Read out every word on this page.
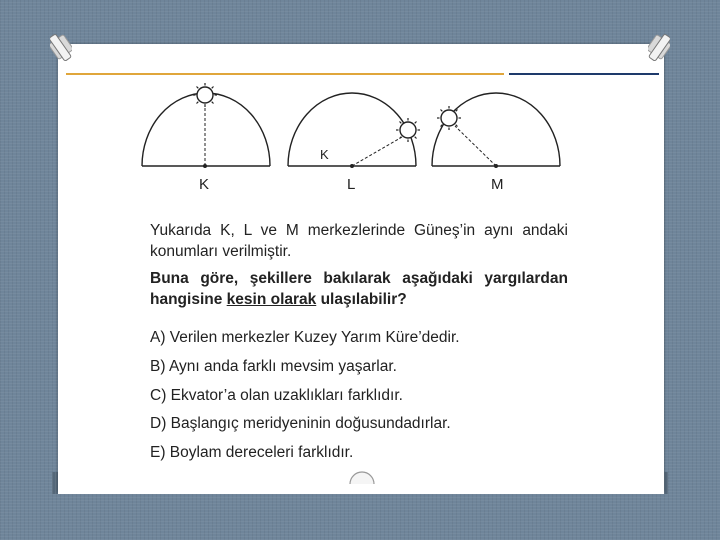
K
K
L	M

Yukarıda K, L ve M merkezlerinde Güneş’in aynı andaki konumları verilmiştir.

Buna göre, şekillere bakılarak aşağıdaki yargılardan hangisine kesin olarak ulaşılabilir?

A) Verilen merkezler Kuzey Yarım Küre’dedir.
B) Aynı anda farklı mevsim yaşarlar.
C) Ekvator’a olan uzaklıkları farklıdır.
D) Başlangıç meridyeninin doğusundadırlar.
E) Boylam dereceleri farklıdır.
